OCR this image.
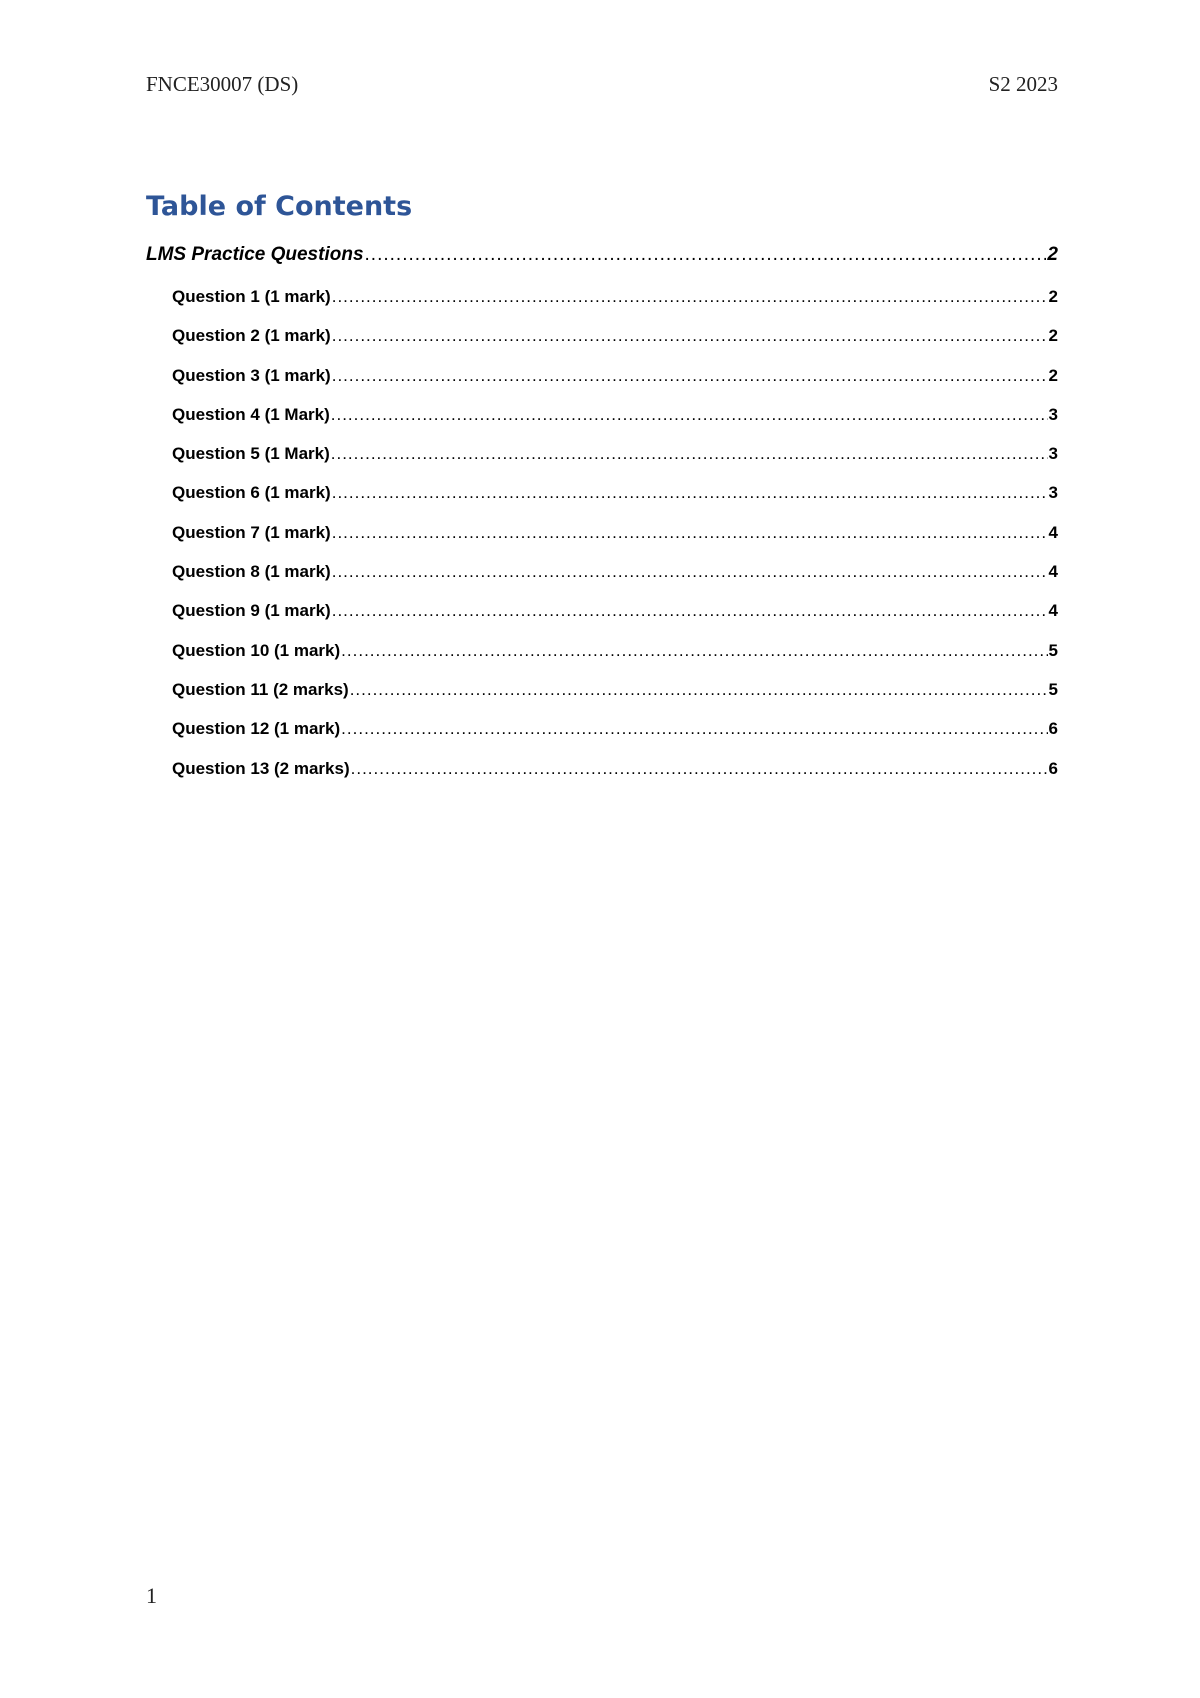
FNCE30007 (DS)	S2 2023
Table of Contents
LMS Practice Questions .....	2
Question 1 (1 mark) .....	2
Question 2 (1 mark) .....	2
Question 3 (1 mark) .....	2
Question 4 (1 Mark) .....	3
Question 5 (1 Mark) .....	3
Question 6 (1 mark) .....	3
Question 7 (1 mark) .....	4
Question 8 (1 mark) .....	4
Question 9 (1 mark) .....	4
Question 10 (1 mark) .....	5
Question 11 (2 marks) .....	5
Question 12 (1 mark) .....	6
Question 13 (2 marks) .....	6
1
